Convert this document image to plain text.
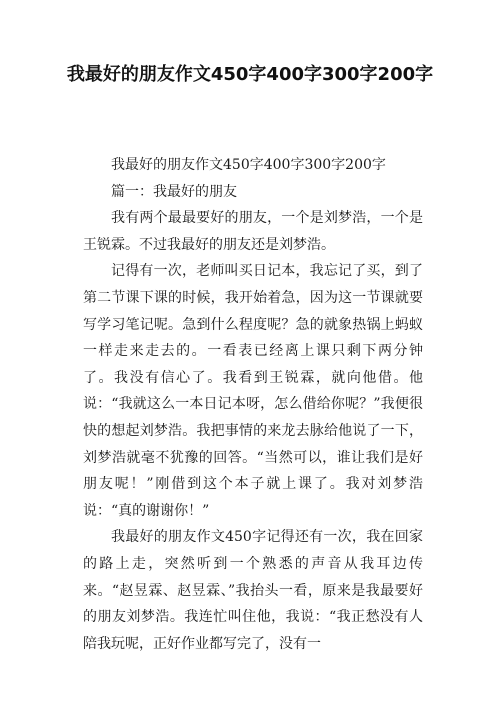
我最好的朋友作文450字400字300字200字

我最好的朋友作文450字400字300字200字

篇一：我最好的朋友

我有两个最最要好的朋友，一个是刘梦浩，一个是王锐霖。不过我最好的朋友还是刘梦浩。

记得有一次，老师叫买日记本，我忘记了买，到了第二节课下课的时候，我开始着急，因为这一节课就要写学习笔记呢。急到什么程度呢？急的就象热锅上蚂蚁一样走来走去的。一看表已经离上课只剩下两分钟 了。我没有信心了。我看到王锐霖，就向他借。他说：“我就这么一本日记本呀，怎么借给你呢？”我便很快的想起刘梦浩。我把事情的来龙去脉给他说了一下，刘梦浩就毫不犹豫的回答。“当然可以，谁让我们是好朋友呢！”刚借到这个本子就上课了。我对刘梦浩说：“真的谢谢你！”

我最好的朋友作文450字记得还有一次，我在回家的路上走，突然听到一个熟悉的声音从我耳边传来。“赵昱霖、赵昱霖、”我抬头一看，原来是我最要好的朋友刘梦浩。我连忙叫住他，我说：“我正愁没有人陪我玩呢，正好作业都写完了，没有一
